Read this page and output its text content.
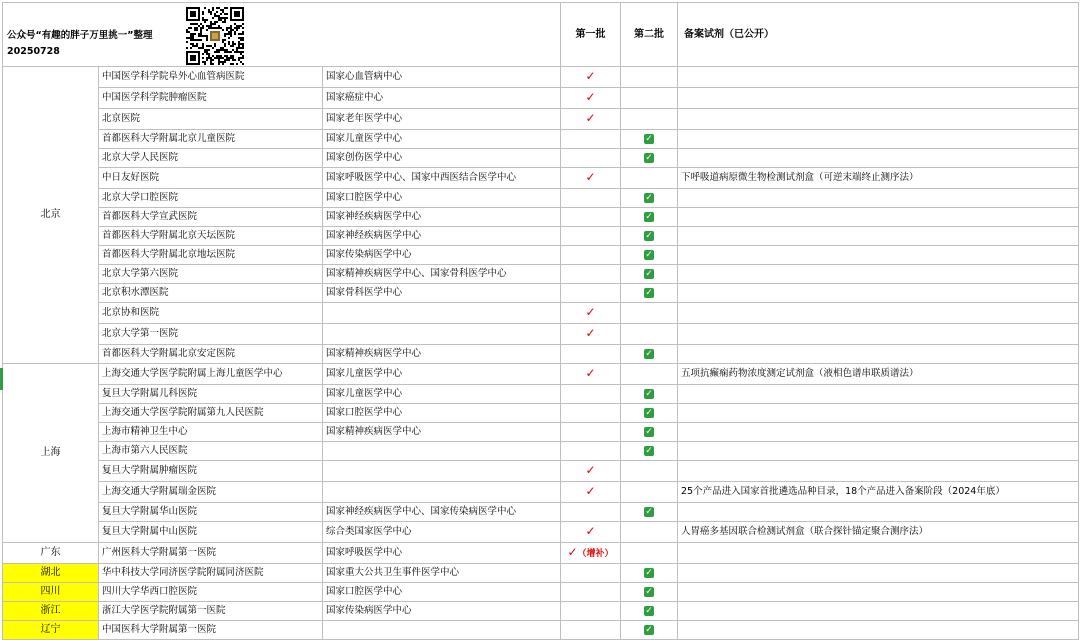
公众号“有趣的胖子万里挑一”整理
20250728			第一批	第二批	备案试剂（已公开）

北京	中国医学科学院阜外心血管病医院	国家心血管病中心	✓		
	中国医学科学院肿瘤医院	国家癌症中心	✓		
	北京医院	国家老年医学中心	✓		
	首都医科大学附属北京儿童医院	国家儿童医学中心		✓	
	北京大学人民医院	国家创伤医学中心		✓	
	中日友好医院	国家呼吸医学中心、国家中西医结合医学中心	✓		下呼吸道病原微生物检测试剂盒（可逆末端终止测序法）
	北京大学口腔医院	国家口腔医学中心		✓	
	首都医科大学宣武医院	国家神经疾病医学中心		✓	
	首都医科大学附属北京天坛医院	国家神经疾病医学中心		✓	
	首都医科大学附属北京地坛医院	国家传染病医学中心		✓	
	北京大学第六医院	国家精神疾病医学中心、国家骨科医学中心		✓	
	北京积水潭医院	国家骨科医学中心		✓	
	北京协和医院		✓		
	北京大学第一医院		✓		
	首都医科大学附属北京安定医院	国家精神疾病医学中心		✓	
上海	上海交通大学医学院附属上海儿童医学中心	国家儿童医学中心	✓		五项抗癫痫药物浓度测定试剂盒（液相色谱串联质谱法）
	复旦大学附属儿科医院	国家儿童医学中心		✓	
	上海交通大学医学院附属第九人民医院	国家口腔医学中心		✓	
	上海市精神卫生中心	国家精神疾病医学中心		✓	
	上海市第六人民医院			✓	
	复旦大学附属肿瘤医院		✓		
	上海交通大学附属瑞金医院		✓		25个产品进入国家首批遴选品种目录，18个产品进入备案阶段（2024年底）
	复旦大学附属华山医院	国家神经疾病医学中心、国家传染病医学中心		✓	
	复旦大学附属中山医院	综合类国家医学中心	✓		人胃癌多基因联合检测试剂盒（联合探针锚定聚合测序法）
广东	广州医科大学附属第一医院	国家呼吸医学中心	✓（增补）		
湖北	华中科技大学同济医学院附属同济医院	国家重大公共卫生事件医学中心		✓	
四川	四川大学华西口腔医院	国家口腔医学中心		✓	
浙江	浙江大学医学院附属第一医院	国家传染病医学中心		✓	
辽宁	中国医科大学附属第一医院			✓	
